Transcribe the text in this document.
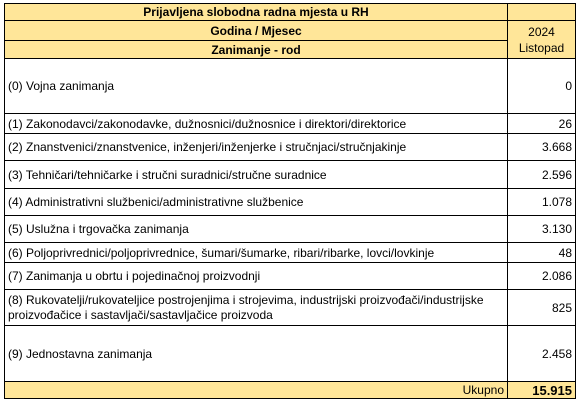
Prijavljena slobodna radna mjesta u RH	
Godina / Mjesec	2024
Listopad

Zanimanje - rod	
(0) Vojna zanimanja	0
(1) Zakonodavci/zakonodavke, dužnosnici/dužnosnice i direktori/direktorice	26
(2) Znanstvenici/znanstvenice, inženjeri/inženjerke i stručnjaci/stručnjakinje	3.668
(3) Tehničari/tehničarke i stručni suradnici/stručne suradnice	2.596
(4) Administrativni službenici/administrativne službenice	1.078
(5) Uslužna i trgovačka zanimanja	3.130
(6) Poljoprivrednici/poljoprivrednice, šumari/šumarke, ribari/ribarke, lovci/lovkinje	48
(7) Zanimanja u obrtu i pojedinačnoj proizvodnji	2.086
(8) Rukovatelji/rukovateljice postrojenjima i strojevima, industrijski proizvođači/industrijske proizvođačice i sastavljači/sastavljačice proizvoda	825
(9) Jednostavna zanimanja	2.458
Ukupno	15.915
